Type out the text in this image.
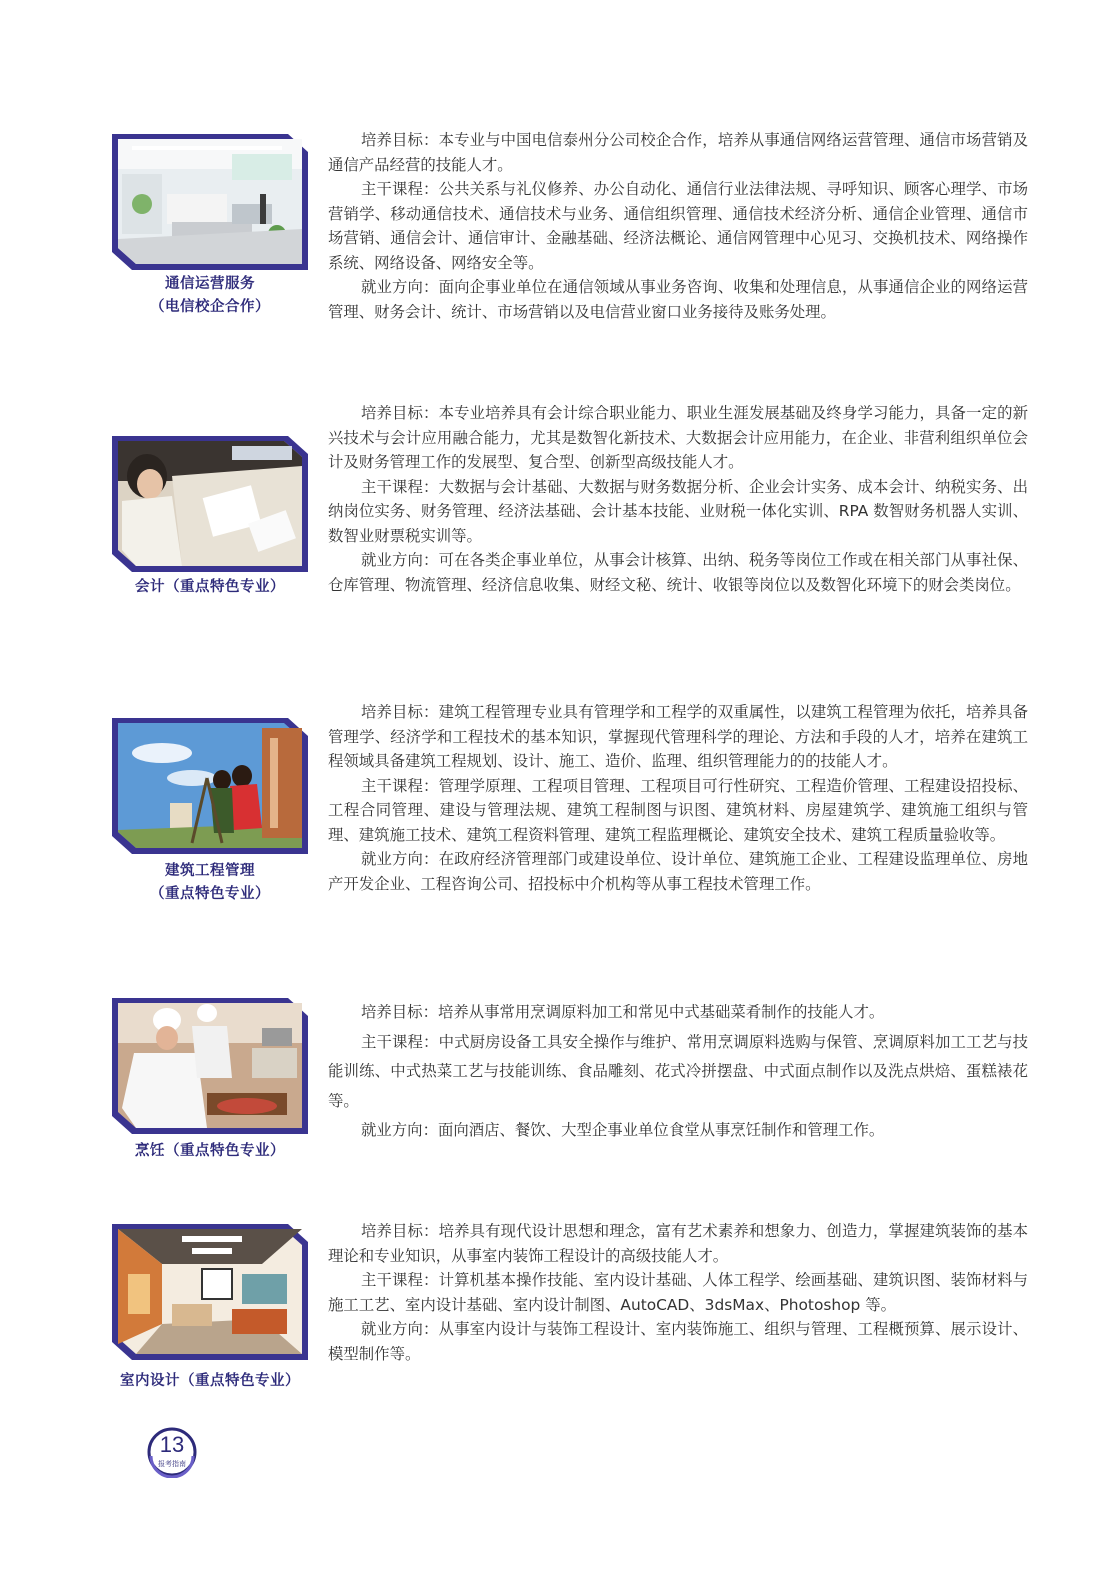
通信运营服务
（电信校企合作）

培养目标：本专业与中国电信泰州分公司校企合作，培养从事通信网络运营管理、通信市场营销及通信产品经营的技能人才。

主干课程：公共关系与礼仪修养、办公自动化、通信行业法律法规、寻呼知识、顾客心理学、市场营销学、移动通信技术、通信技术与业务、通信组织管理、通信技术经济分析、通信企业管理、通信市场营销、通信会计、通信审计、金融基础、经济法概论、通信网管理中心见习、交换机技术、网络操作系统、网络设备、网络安全等。

就业方向：面向企事业单位在通信领域从事业务咨询、收集和处理信息，从事通信企业的网络运营管理、财务会计、统计、市场营销以及电信营业窗口业务接待及账务处理。

会计（重点特色专业）

培养目标：本专业培养具有会计综合职业能力、职业生涯发展基础及终身学习能力，具备一定的新兴技术与会计应用融合能力，尤其是数智化新技术、大数据会计应用能力，在企业、非营利组织单位会计及财务管理工作的发展型、复合型、创新型高级技能人才。

主干课程：大数据与会计基础、大数据与财务数据分析、企业会计实务、成本会计、纳税实务、出纳岗位实务、财务管理、经济法基础、会计基本技能、业财税一体化实训、RPA 数智财务机器人实训、数智业财票税实训等。

就业方向：可在各类企事业单位，从事会计核算、出纳、税务等岗位工作或在相关部门从事社保、仓库管理、物流管理、经济信息收集、财经文秘、统计、收银等岗位以及数智化环境下的财会类岗位。

建筑工程管理
（重点特色专业）

培养目标：建筑工程管理专业具有管理学和工程学的双重属性，以建筑工程管理为依托，培养具备管理学、经济学和工程技术的基本知识，掌握现代管理科学的理论、方法和手段的人才，培养在建筑工程领域具备建筑工程规划、设计、施工、造价、监理、组织管理能力的的技能人才。

主干课程：管理学原理、工程项目管理、工程项目可行性研究、工程造价管理、工程建设招投标、工程合同管理、建设与管理法规、建筑工程制图与识图、建筑材料、房屋建筑学、建筑施工组织与管理、建筑施工技术、建筑工程资料管理、建筑工程监理概论、建筑安全技术、建筑工程质量验收等。

就业方向：在政府经济管理部门或建设单位、设计单位、建筑施工企业、工程建设监理单位、房地产开发企业、工程咨询公司、招投标中介机构等从事工程技术管理工作。

烹饪（重点特色专业）

培养目标：培养从事常用烹调原料加工和常见中式基础菜肴制作的技能人才。

主干课程：中式厨房设备工具安全操作与维护、常用烹调原料选购与保管、烹调原料加工工艺与技能训练、中式热菜工艺与技能训练、食品雕刻、花式冷拼摆盘、中式面点制作以及洗点烘焙、蛋糕裱花等。

就业方向：面向酒店、餐饮、大型企事业单位食堂从事烹饪制作和管理工作。

室内设计（重点特色专业）

培养目标：培养具有现代设计思想和理念，富有艺术素养和想象力、创造力，掌握建筑装饰的基本理论和专业知识，从事室内装饰工程设计的高级技能人才。

主干课程：计算机基本操作技能、室内设计基础、人体工程学、绘画基础、建筑识图、装饰材料与施工工艺、室内设计基础、室内设计制图、AutoCAD、3dsMax、Photoshop 等。

就业方向：从事室内设计与装饰工程设计、室内装饰施工、组织与管理、工程概预算、展示设计、模型制作等。

13
报考指南
